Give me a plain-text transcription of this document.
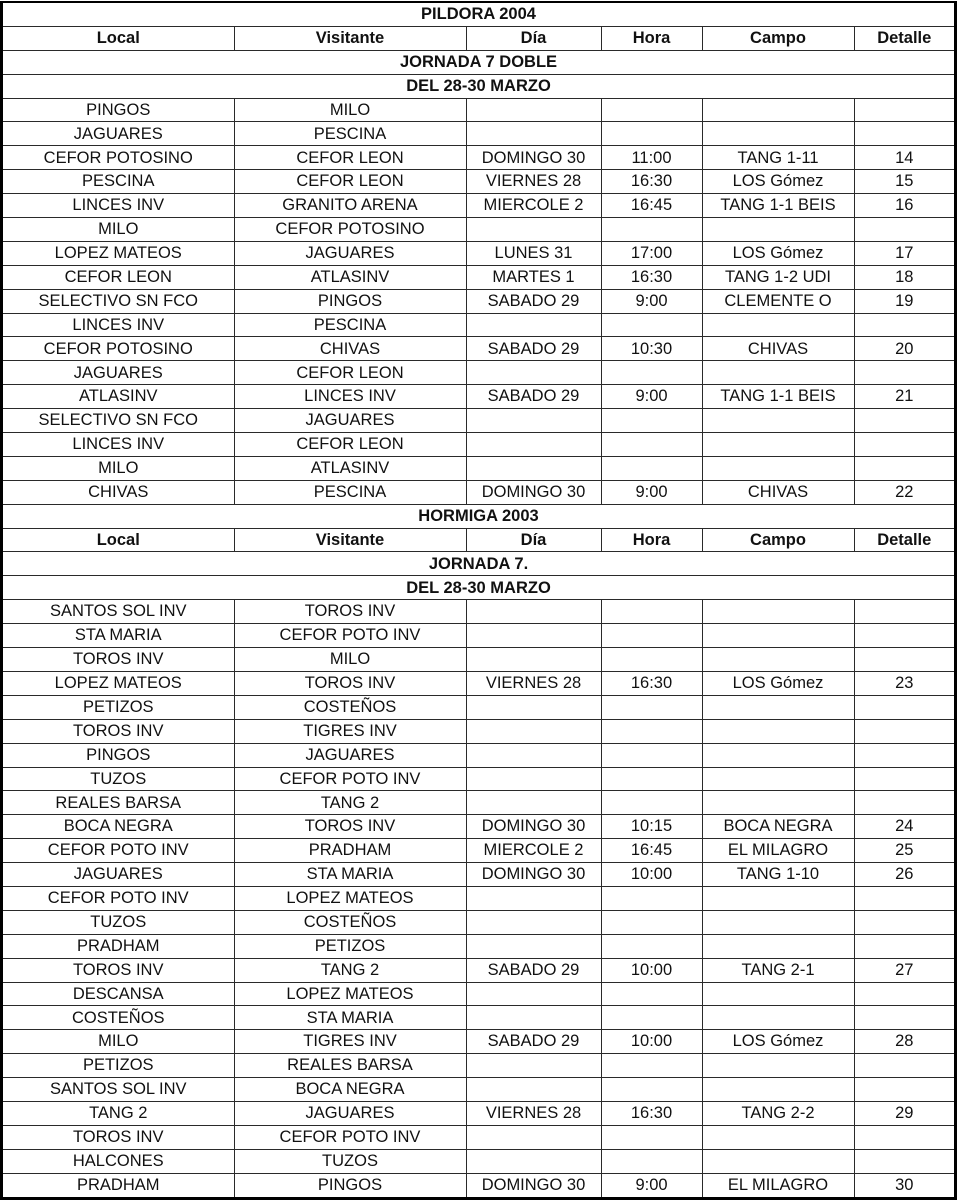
PILDORA 2004					
Local	Visitante	Día	Hora	Campo	Detalle
JORNADA 7 DOBLE					
DEL 28-30 MARZO					
PINGOS	MILO				
JAGUARES	PESCINA				
CEFOR POTOSINO	CEFOR LEON	DOMINGO 30	11:00	TANG 1-11	14
PESCINA	CEFOR LEON	VIERNES 28	16:30	LOS Gómez	15
LINCES INV	GRANITO ARENA	MIERCOLE 2	16:45	TANG 1-1 BEIS	16
MILO	CEFOR POTOSINO				
LOPEZ MATEOS	JAGUARES	LUNES 31	17:00	LOS Gómez	17
CEFOR LEON	ATLASINV	MARTES 1	16:30	TANG 1-2 UDI	18
SELECTIVO SN FCO	PINGOS	SABADO 29	9:00	CLEMENTE O	19
LINCES INV	PESCINA				
CEFOR POTOSINO	CHIVAS	SABADO 29	10:30	CHIVAS	20
JAGUARES	CEFOR LEON				
ATLASINV	LINCES INV	SABADO 29	9:00	TANG 1-1 BEIS	21
SELECTIVO SN FCO	JAGUARES				
LINCES INV	CEFOR LEON				
MILO	ATLASINV				
CHIVAS	PESCINA	DOMINGO 30	9:00	CHIVAS	22
HORMIGA 2003					
Local	Visitante	Día	Hora	Campo	Detalle
JORNADA 7.					
DEL 28-30 MARZO					
SANTOS SOL INV	TOROS INV				
STA MARIA	CEFOR POTO INV				
TOROS INV	MILO				
LOPEZ MATEOS	TOROS INV	VIERNES 28	16:30	LOS Gómez	23
PETIZOS	COSTEÑOS				
TOROS INV	TIGRES INV				
PINGOS	JAGUARES				
TUZOS	CEFOR POTO INV				
REALES BARSA	TANG 2				
BOCA NEGRA	TOROS INV	DOMINGO 30	10:15	BOCA NEGRA	24
CEFOR POTO INV	PRADHAM	MIERCOLE 2	16:45	EL MILAGRO	25
JAGUARES	STA MARIA	DOMINGO 30	10:00	TANG 1-10	26
CEFOR POTO INV	LOPEZ MATEOS				
TUZOS	COSTEÑOS				
PRADHAM	PETIZOS				
TOROS INV	TANG 2	SABADO 29	10:00	TANG 2-1	27
DESCANSA	LOPEZ MATEOS				
COSTEÑOS	STA MARIA				
MILO	TIGRES INV	SABADO 29	10:00	LOS Gómez	28
PETIZOS	REALES BARSA				
SANTOS SOL INV	BOCA NEGRA				
TANG 2	JAGUARES	VIERNES 28	16:30	TANG 2-2	29
TOROS INV	CEFOR POTO INV				
HALCONES	TUZOS				
PRADHAM	PINGOS	DOMINGO 30	9:00	EL MILAGRO	30
